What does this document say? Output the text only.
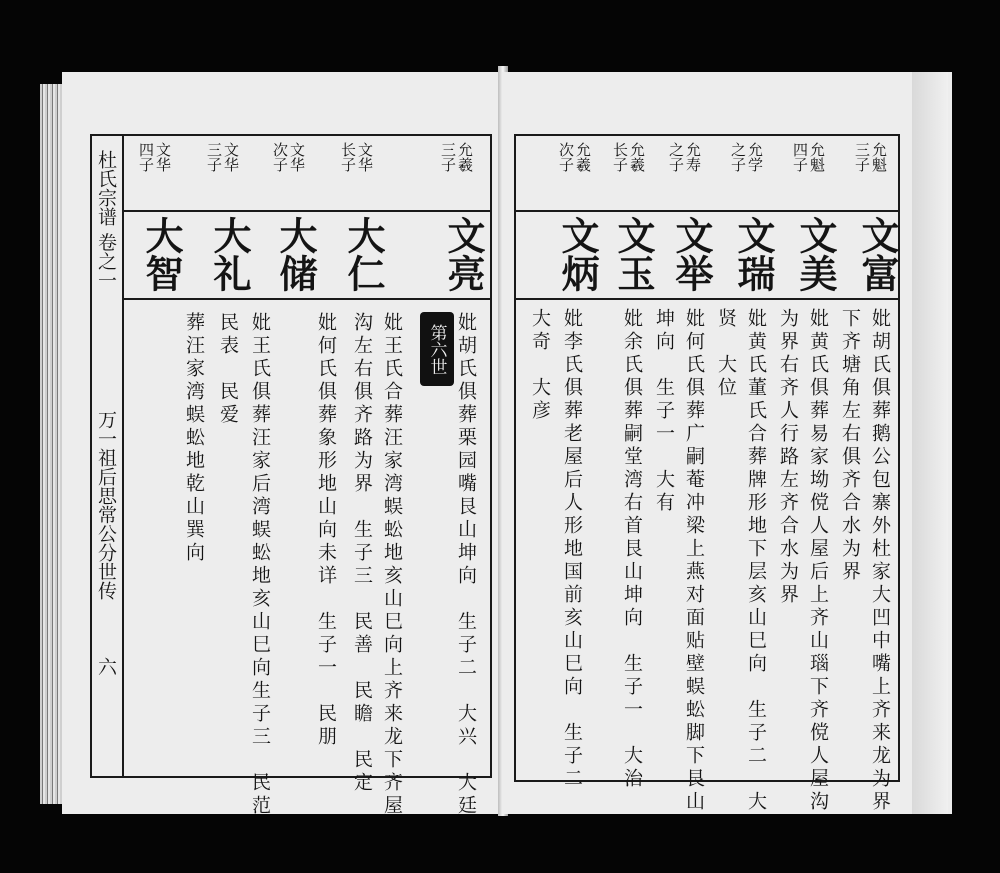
杜氏宗谱 卷之一
万一祖后思常公分世传
六
允羲
三子
文华
长子
文华
次子
文华
三子
文华
四子
文亮
大仁
大储
大礼
大智
第六世 妣胡氏俱葬栗园嘴艮山坤向　生子二　大兴　大廷
妣王氏合葬汪家湾蜈蚣地亥山巳向上齐来龙下齐屋
沟左右俱齐路为界　生子三　民善　民瞻　民定
妣何氏俱葬象形地山向未详　生子一　民朋
妣王氏俱葬汪家后湾蜈蚣地亥山巳向生子三　民范
民表　民爱
葬汪家湾蜈蚣地乾山巽向
允魁
三子
允魁
四子
允学
之子
允寿
之子
允羲
长子
允羲
次子
文富
文美
文瑞
文举
文玉
文炳
妣胡氏俱葬鹅公包寨外杜家大凹中嘴上齐来龙为界
下齐塘角左右俱齐合水为界
妣黄氏俱葬易家坳傥人屋后上齐山瑙下齐傥人屋沟
为界右齐人行路左齐合水为界
妣黄氏董氏合葬牌形地下层亥山巳向　生子二　大
贤　大位
妣何氏俱葬广嗣菴冲梁上燕对面贴壁蜈蚣脚下艮山
坤向　生子一　大有
妣余氏俱葬嗣堂湾右首艮山坤向　生子一　大治
妣李氏俱葬老屋后人形地国前亥山巳向　生子二
大奇　大彦
